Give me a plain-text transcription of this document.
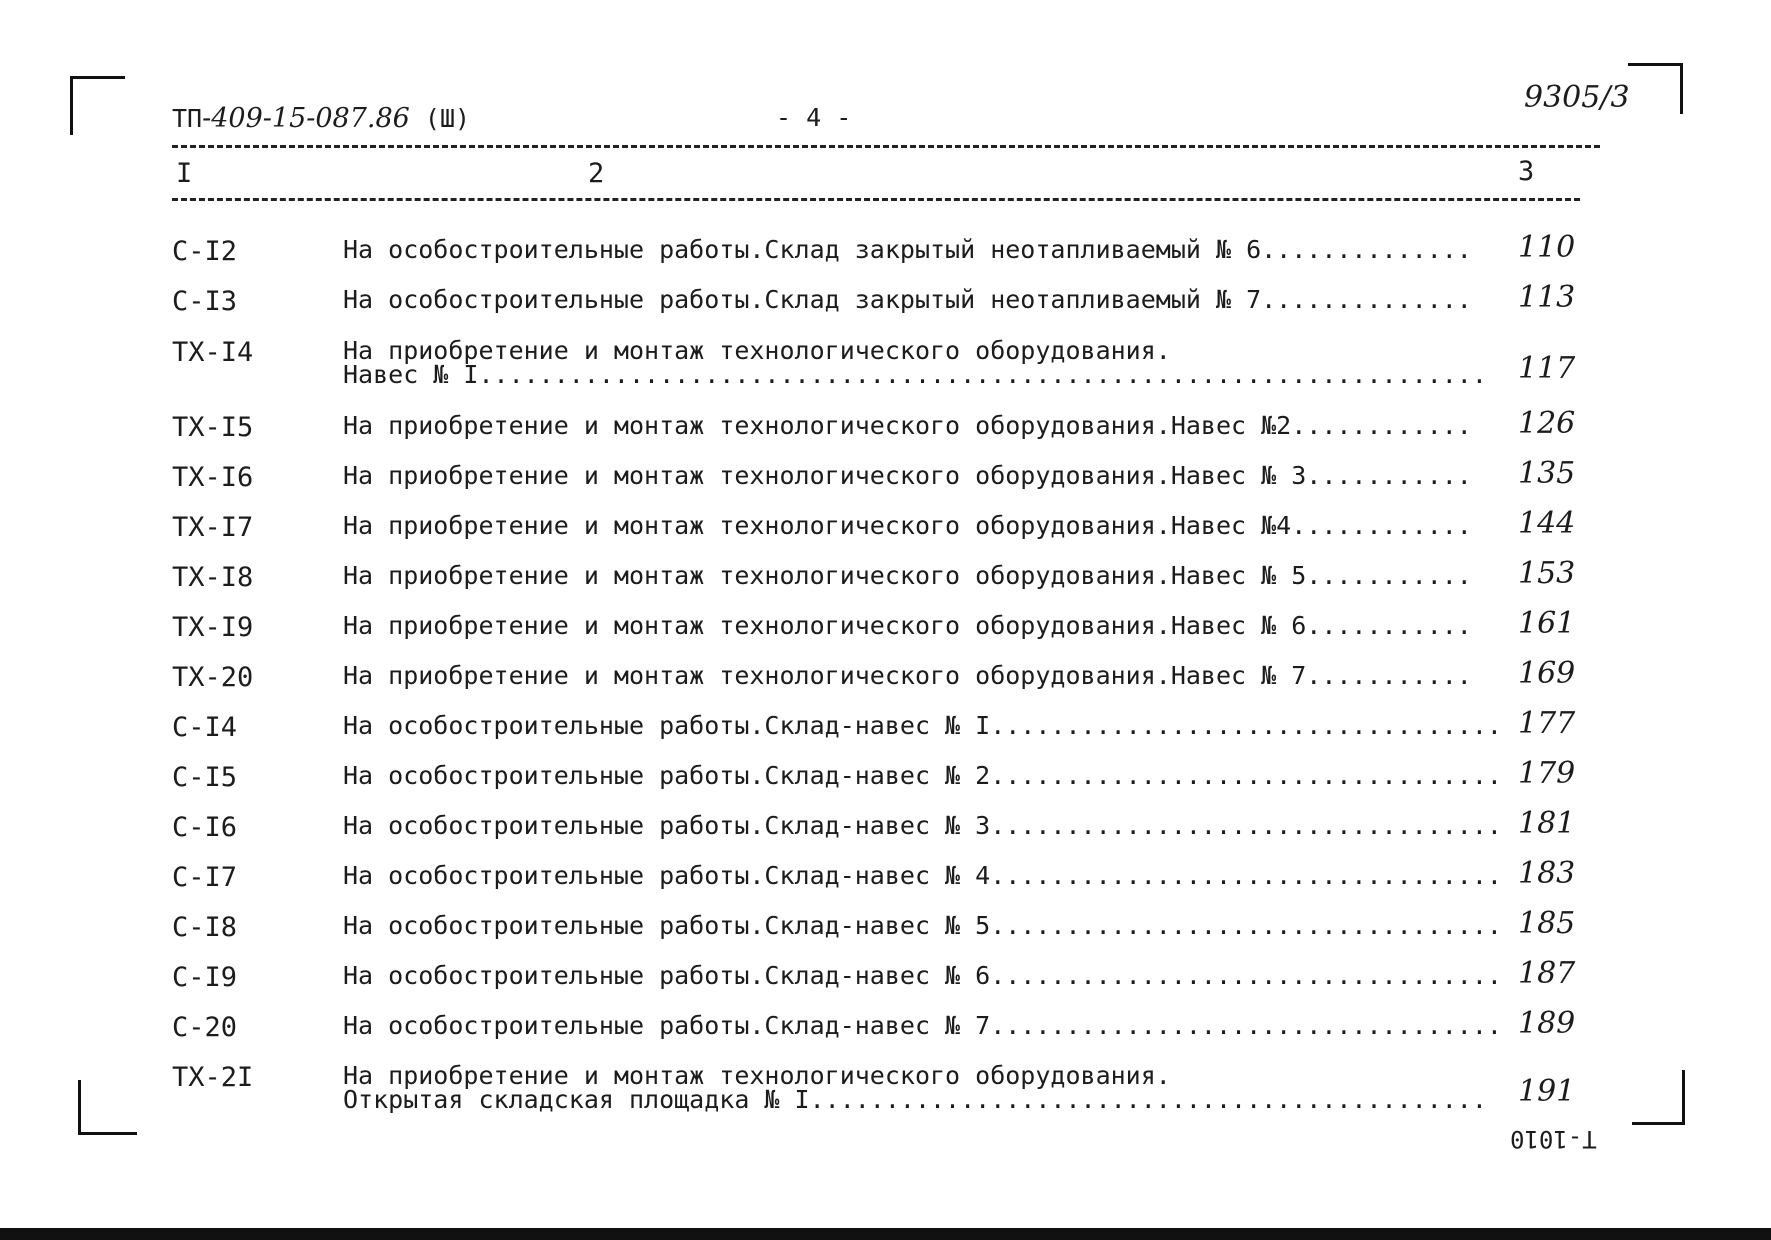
ТП-409-15-087.86 (Ш)	- 4 -
9305/3
I	2	3
С-I2	На особостроительные работы.Склад закрытый неотапливаемый № 6.............. 110
С-I3	На особостроительные работы.Склад закрытый неотапливаемый № 7.............. 113
ТХ-I4	На приобретение и монтаж технологического оборудования.
Навес № I................................................................... 117
ТХ-I5	На приобретение и монтаж технологического оборудования.Навес №2............ 126
ТХ-I6	На приобретение и монтаж технологического оборудования.Навес № 3........... 135
ТХ-I7	На приобретение и монтаж технологического оборудования.Навес №4............ 144
ТХ-I8	На приобретение и монтаж технологического оборудования.Навес № 5........... 153
ТХ-I9	На приобретение и монтаж технологического оборудования.Навес № 6........... 161
ТХ-20	На приобретение и монтаж технологического оборудования.Навес № 7........... 169
С-I4	На особостроительные работы.Склад-навес № I.................................. 177
С-I5	На особостроительные работы.Склад-навес № 2.................................. 179
С-I6	На особостроительные работы.Склад-навес № 3.................................. 181
С-I7	На особостроительные работы.Склад-навес № 4.................................. 183
С-I8	На особостроительные работы.Склад-навес № 5.................................. 185
С-I9	На особостроительные работы.Склад-навес № 6.................................. 187
С-20	На особостроительные работы.Склад-навес № 7.................................. 189
ТХ-2I	На приобретение и монтаж технологического оборудования.
Открытая складская площадка № I............................................. 191
Т-1010
